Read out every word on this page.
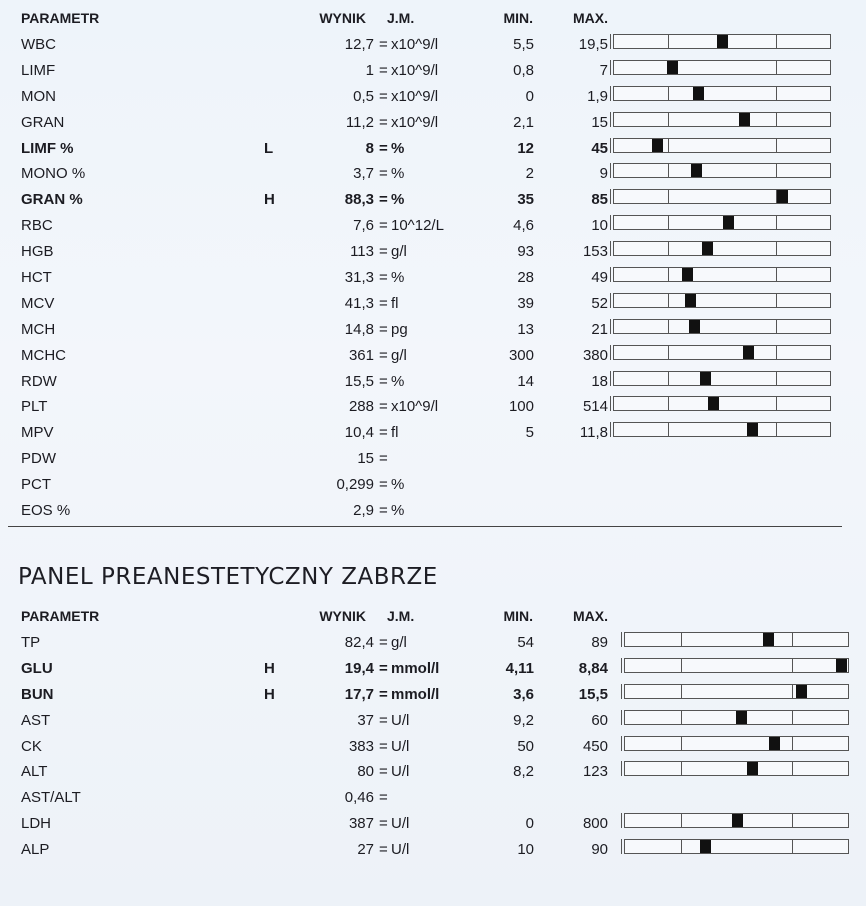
PARAMETR	WYNIK J.M.	MIN.	MAX.
WBC	12,7 = x10^9/l	5,5	19,5
LIMF	1 = x10^9/l	0,8	7
MON	0,5 = x10^9/l	0	1,9
GRAN	11,2 = x10^9/l	2,1	15
LIMF %	L	8 = %	12	45
MONO %	3,7 = %	2	9
GRAN %	H	88,3 = %	35	85
RBC	7,6 = 10^12/L	4,6	10
HGB	113 = g/l	93	153
HCT	31,3 = %	28	49
MCV	41,3 = fl	39	52
MCH	14,8 = pg	13	21
MCHC	361 = g/l	300	380
RDW	15,5 = %	14	18
PLT	288 = x10^9/l	100	514
MPV	10,4 = fl	5	11,8
PDW	15 =
PCT	0,299 = %
EOS %	2,9 = %
PANEL PREANESTETYCZNY ZABRZE
PARAMETR	WYNIK J.M.	MIN.	MAX.
TP	82,4 = g/l	54	89
GLU	H	19,4 = mmol/l	4,11	8,84
BUN	H	17,7 = mmol/l	3,6	15,5
AST	37 = U/l	9,2	60
CK	383 = U/l	50	450
ALT	80 = U/l	8,2	123
AST/ALT	0,46 =
LDH	387 = U/l	0	800
ALP	27 = U/l	10	90
